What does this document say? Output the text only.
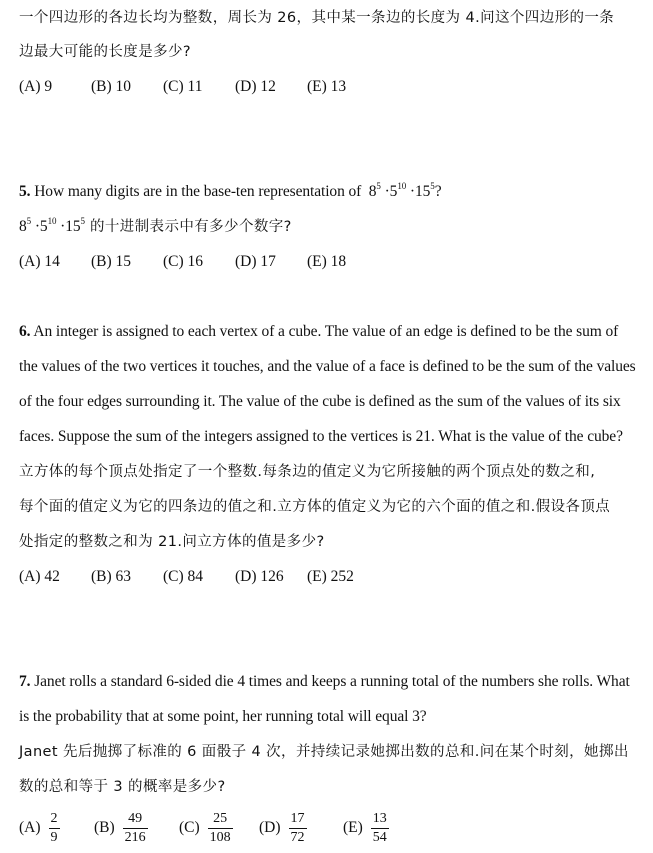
一个四边形的各边长均为整数，周长为 26，其中某一条边的长度为 4.问这个四边形的一条
边最大可能的长度是多少?
(A) 9	(B) 10 (C) 11 (D) 12 (E) 13
5. How many digits are in the base-ten representation of $8^5 \cdot 5^{10} \cdot 15^5$?
$8^5 \cdot 5^{10} \cdot 15^5$ 的十进制表示中有多少个数字?
(A) 14 (B) 15 (C) 16 (D) 17 (E) 18
6. An integer is assigned to each vertex of a cube. The value of an edge is defined to be the sum of
the values of the two vertices it touches, and the value of a face is defined to be the sum of the values
of the four edges surrounding it. The value of the cube is defined as the sum of the values of its six
faces. Suppose the sum of the integers assigned to the vertices is 21. What is the value of the cube?
立方体的每个顶点处指定了一个整数.每条边的值定义为它所接触的两个顶点处的数之和,
每个面的值定义为它的四条边的值之和.立方体的值定义为它的六个面的值之和.假设各顶点
处指定的整数之和为 21.问立方体的值是多少?
(A) 42 (B) 63 (C) 84 (D) 126 (E) 252
7. Janet rolls a standard 6-sided die 4 times and keeps a running total of the numbers she rolls. What
is the probability that at some point, her running total will equal 3?
Janet 先后抛掷了标准的 6 面骰子 4 次，并持续记录她掷出数的总和.问在某个时刻，她掷出
数的总和等于 3 的概率是多少?
$(A) \frac{2}{9} (B) \frac{49}{216} (C) \frac{25}{108} (D) \frac{17}{72} (E) \frac{13}{54}$
